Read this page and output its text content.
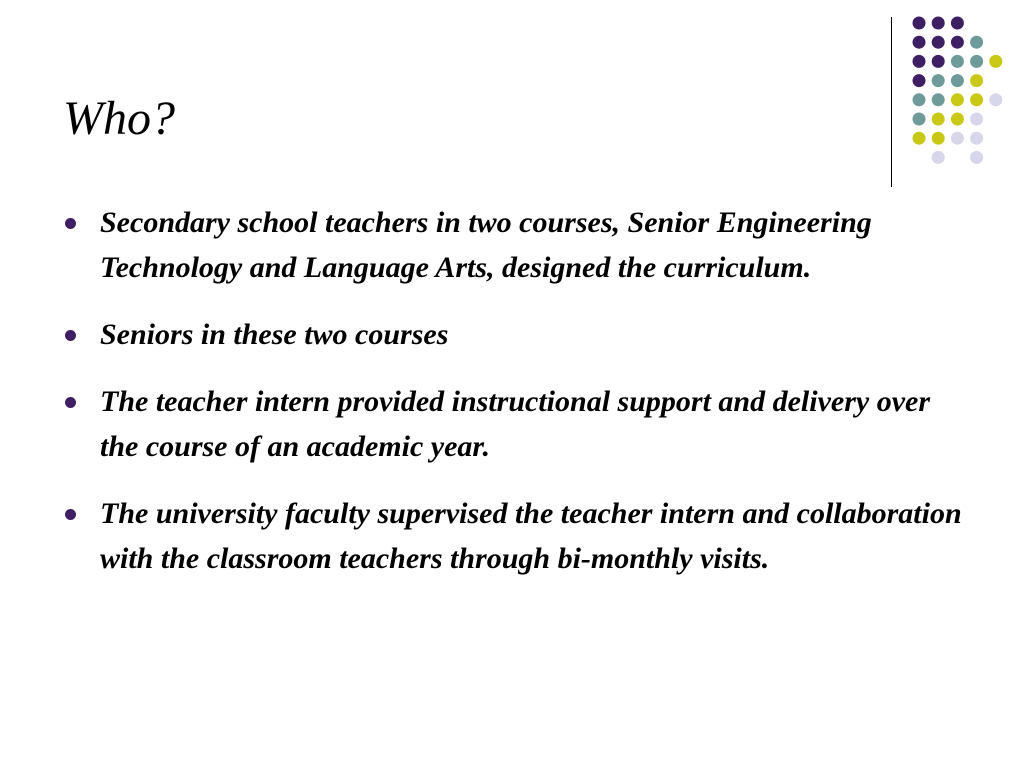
Who?
Secondary school teachers in two courses, Senior Engineering Technology and Language Arts, designed the curriculum.
Seniors in these two courses
The teacher intern provided instructional support and delivery over the course of an academic year.
The university faculty supervised the teacher intern and collaboration with the classroom teachers through bi-monthly visits.
